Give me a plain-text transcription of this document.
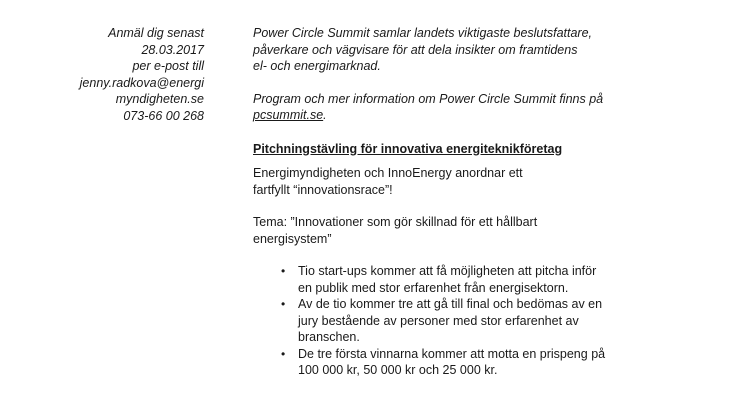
Anmäl dig senast
28.03.2017
per e-post till
jenny.radkova@energi
myndigheten.se
073-66 00 268
Power Circle Summit samlar landets viktigaste beslutsfattare,
påverkare och vägvisare för att dela insikter om framtidens
el- och energimarknad.
Program och mer information om Power Circle Summit finns på
pcsummit.se.
Pitchningstävling för innovativa energiteknikföretag
Energimyndigheten och InnoEnergy anordnar ett
fartfyllt “innovationsrace”!
Tema: ”Innovationer som gör skillnad för ett hållbart
energisystem”
• Tio start-ups kommer att få möjligheten att pitcha inför
en publik med stor erfarenhet från energisektorn.
• Av de tio kommer tre att gå till final och bedömas av en
jury bestående av personer med stor erfarenhet av
branschen.
• De tre första vinnarna kommer att motta en prispeng på
100 000 kr, 50 000 kr och 25 000 kr.
